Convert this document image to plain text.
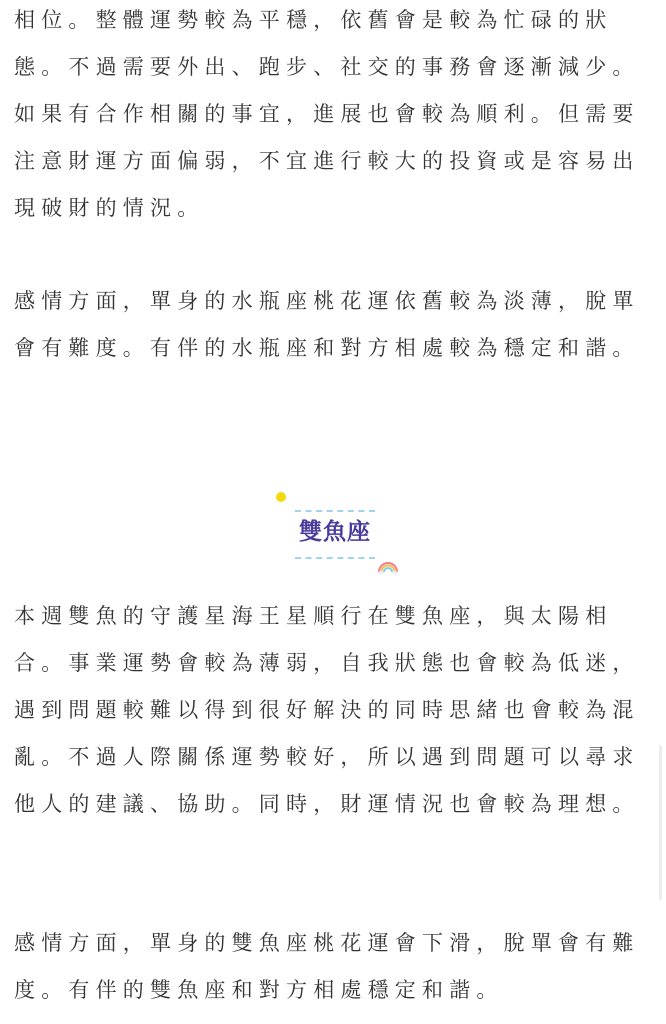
相位。整體運勢較為平穩，依舊會是較為忙碌的狀態。不過需要外出、跑步、社交的事務會逐漸減少。如果有合作相關的事宜，進展也會較為順利。但需要注意財運方面偏弱，不宜進行較大的投資或是容易出現破財的情況。

感情方面，單身的水瓶座桃花運依舊較為淡薄，脫單會有難度。有伴的水瓶座和對方相處較為穩定和諧。

雙魚座

本週雙魚的守護星海王星順行在雙魚座，與太陽相合。事業運勢會較為薄弱，自我狀態也會較為低迷，遇到問題較難以得到很好解決的同時思緒也會較為混亂。不過人際關係運勢較好，所以遇到問題可以尋求他人的建議、協助。同時，財運情況也會較為理想。

感情方面，單身的雙魚座桃花運會下滑，脫單會有難度。有伴的雙魚座和對方相處穩定和諧。
